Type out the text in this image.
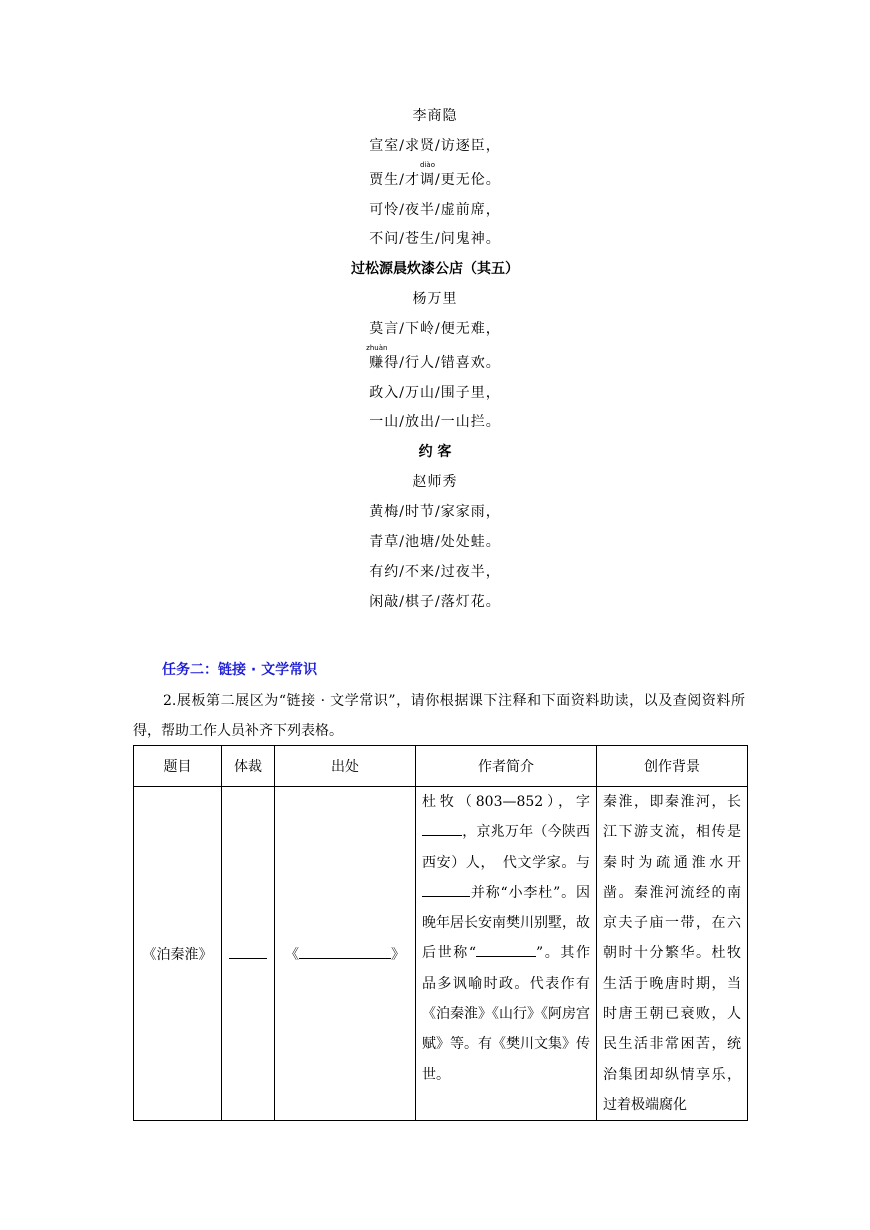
李商隐
宣室/求贤/访逐臣，
贾生/才
diào
调/更无伦。
可怜/夜半/虚前席，
不问/苍生/问鬼神。
过松源晨炊漆公店（其五）
杨万里
莫言/下岭/便无难，
zhuàn
赚得/行人/错喜欢。
政入/万山/围子里，
一山/放出/一山拦。
约 客
赵师秀
黄梅/时节/家家雨，
青草/池塘/处处蛙。
有约/不来/过夜半，
闲敲/棋子/落灯花。
任务二：链接 · 文学常识
2.展板第二展区为“链接 · 文学常识”，请你根据课下注释和下面资料助读，以及查阅资料所得，帮助工作人员补齐下列表格。
题目	体裁	出处	作者简介	创作背景
《泊秦淮》		《 》	杜牧（803—852），字，京兆万年（今陕西西安）人，　代文学家。与并称“小李杜”。因晚年居长安南樊川别墅，故后世称“ ”。其作品多讽喻时政。代表作有《泊秦淮》《山行》《阿房宫赋》等。有《樊川文集》传世。	秦淮，即秦淮河，长江下游支流，相传是秦时为疏通淮水开凿。秦淮河流经的南京夫子庙一带，在六朝时十分繁华。杜牧生活于晚唐时期，当时唐王朝已衰败，人民生活非常困苦，统治集团却纵情享乐，过着极端腐化
